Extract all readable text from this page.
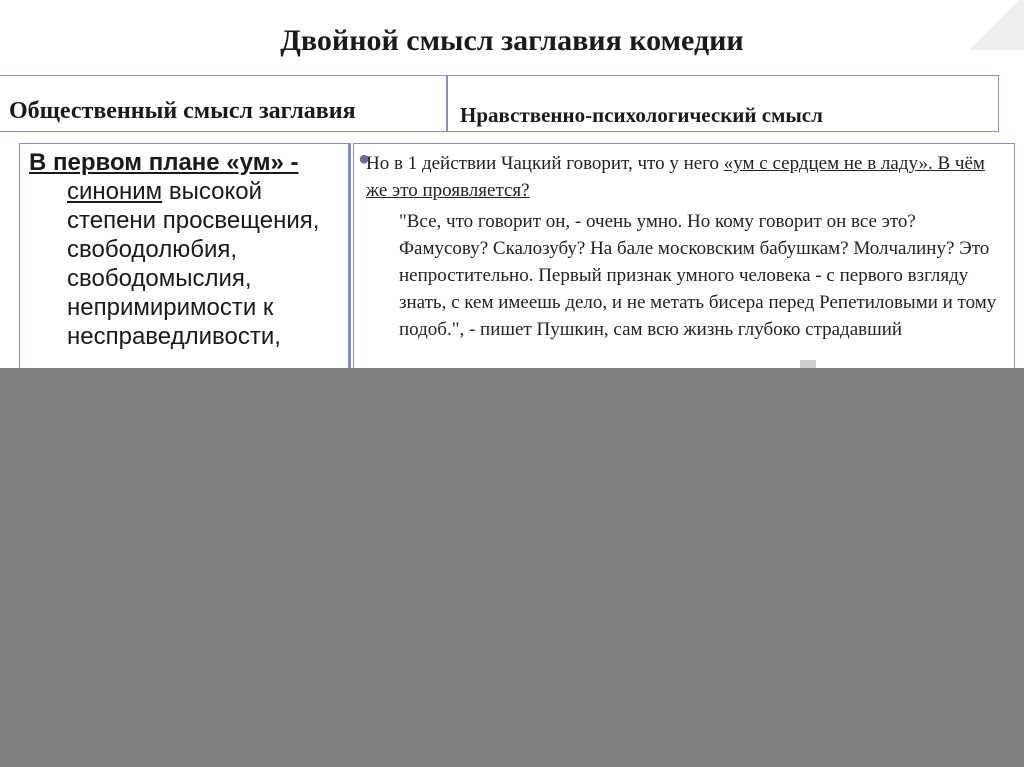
Двойной смысл заглавия комедии
Общественный смысл заглавия	Нравственно-психологический смысл
В первом плане «ум» -
синоним высокой степени просвещения, свободолюбия, свободомыслия, непримиримости к несправедливости,
●

Но в 1 действии Чацкий говорит, что у него «ум с сердцем не в ладу». В чём же это проявляется?

"Все, что говорит он, - очень умно. Но кому говорит он все это? Фамусову? Скалозубу? На бале московским бабушкам? Молчалину? Это непростительно. Первый признак умного человека - с первого взгляду знать, с кем имеешь дело, и не метать бисера перед Репетиловыми и тому подоб.", - пишет Пушкин, сам всю жизнь глубоко страдавший
